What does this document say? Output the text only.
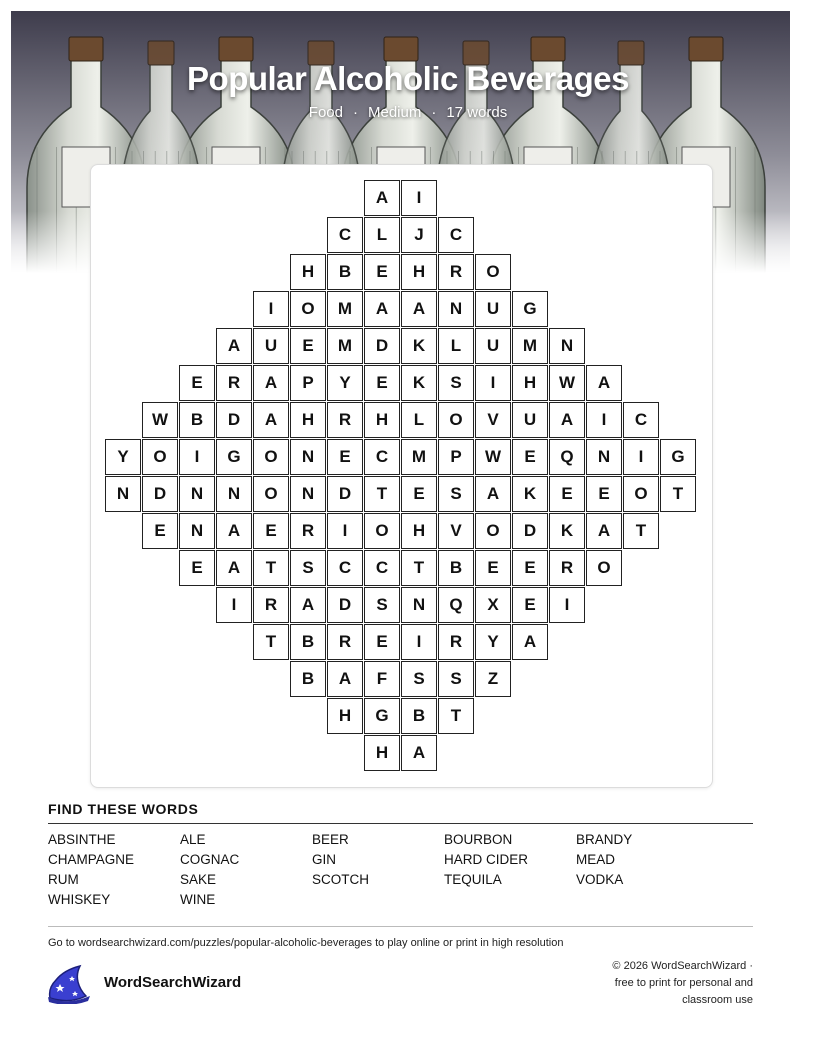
Popular Alcoholic Beverages
Food · Medium · 17 words
A	I
C	L	J	C
H	B	E	H	R	O
I	O	M	A	A	N	U	G
A	U	E	M	D	K	L	U	M	N
E	R	A	P	Y	E	K	S	I	H	W	A
W	B	D	A	H	R	H	L	O	V	U	A	I	C
Y	O	I	G	O	N	E	C	M	P	W	E	Q	N	I	G
N	D	N	N	O	N	D	T	E	S	A	K	E	E	O	T
E	N	A	E	R	I	O	H	V	O	D	K	A	T
E	A	T	S	C	C	T	B	E	E	R	O
I	R	A	D	S	N	Q	X	E	I
T	B	R	E	I	R	Y	A
B	A	F	S	S	Z
H	G	B	T
H	A
FIND THESE WORDS
ABSINTHE	ALE	BEER	BOURBON	BRANDY
CHAMPAGNE	COGNAC	GIN	HARD CIDER	MEAD
RUM	SAKE	SCOTCH	TEQUILA	VODKA
WHISKEY	WINE
Go to wordsearchwizard.com/puzzles/popular-alcoholic-beverages to play online or print in high resolution
WordSearchWizard
© 2026 WordSearchWizard ·
free to print for personal and
classroom use
